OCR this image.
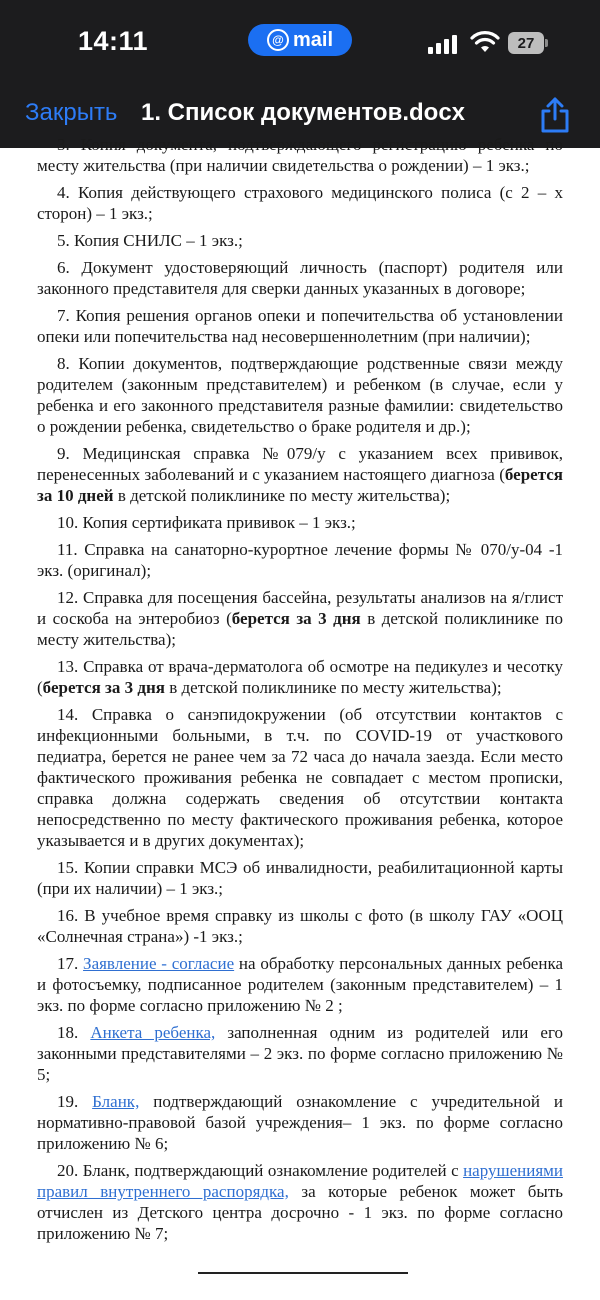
14:11	@ mail	27
Закрыть 1. Список документов.docx

3. Копия документа, подтверждающего регистрацию ребенка по месту жительства (при наличии свидетельства о рождении) – 1 экз.;

4. Копия действующего страхового медицинского полиса (с 2 – х сторон) – 1 экз.;

5. Копия СНИЛС – 1 экз.;

6. Документ удостоверяющий личность (паспорт) родителя или законного представителя для сверки данных указанных в договоре;

7. Копия решения органов опеки и попечительства об установлении опеки или попечительства над несовершеннолетним (при наличии);

8. Копии документов, подтверждающие родственные связи между родителем (законным представителем) и ребенком (в случае, если у ребенка и его законного представителя разные фамилии: свидетельство о рождении ребенка, свидетельство о браке родителя и др.);

9. Медицинская справка №079/у с указанием всех прививок, перенесенных заболеваний и с указанием настоящего диагноза (берется за 10 дней в детской поликлинике по месту жительства);

10. Копия сертификата прививок – 1 экз.;

11. Справка на санаторно-курортное лечение формы № 070/у-04 -1 экз. (оригинал);

12. Справка для посещения бассейна, результаты анализов на я/глист и соскоба на энтеробиоз (берется за 3 дня в детской поликлинике по месту жительства);

13. Справка от врача-дерматолога об осмотре на педикулез и чесотку (берется за 3 дня в детской поликлинике по месту жительства);

14. Справка о санэпидокружении (об отсутствии контактов с инфекционными больными, в т.ч. по COVID-19 от участкового педиатра, берется не ранее чем за 72 часа до начала заезда. Если место фактического проживания ребенка не совпадает с местом прописки, справка должна содержать сведения об отсутствии контакта непосредственно по месту фактического проживания ребенка, которое указывается и в других документах);

15. Копии справки МСЭ об инвалидности, реабилитационной карты (при их наличии) – 1 экз.;

16. В учебное время справку из школы с фото (в школу ГАУ «ООЦ «Солнечная страна») -1 экз.;

17. Заявление - согласие на обработку персональных данных ребенка и фотосъемку, подписанное родителем (законным представителем) – 1 экз. по форме согласно приложению № 2 ;

18. Анкета ребенка, заполненная одним из родителей или его законными представителями – 2 экз. по форме согласно приложению № 5;

19. Бланк, подтверждающий ознакомление с учредительной и нормативно-правовой базой учреждения– 1 экз. по форме согласно приложению № 6;

20. Бланк, подтверждающий ознакомление родителей с нарушениями правил внутреннего распорядка, за которые ребенок может быть отчислен из Детского центра досрочно - 1 экз. по форме согласно приложению № 7;
